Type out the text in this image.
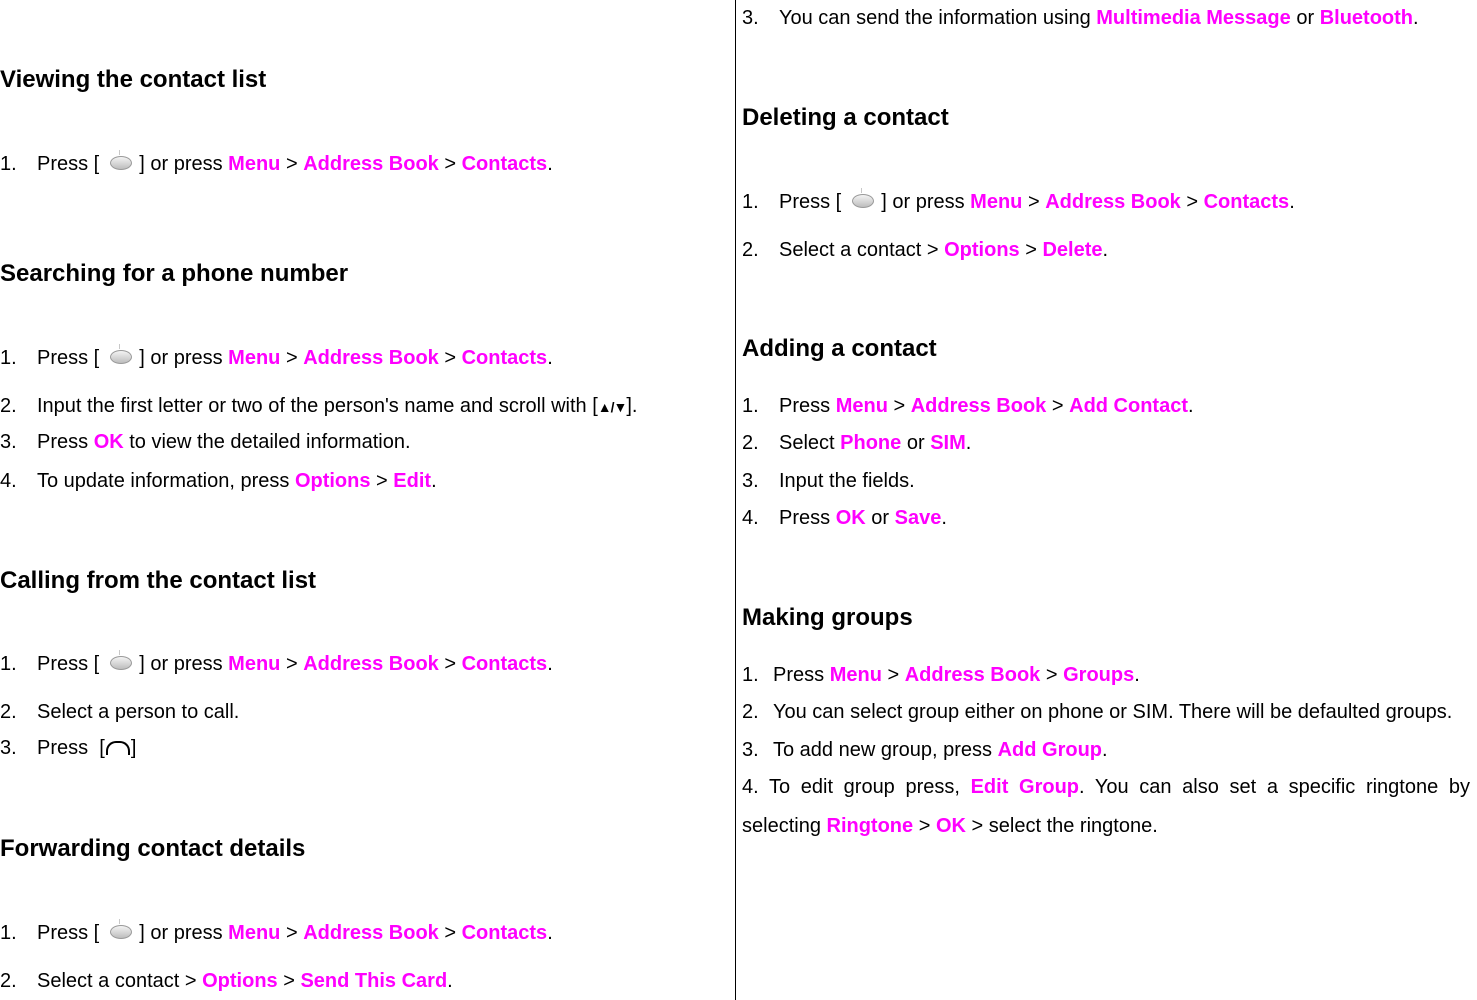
Viewing the contact list
1. Press [ ] or press Menu > Address Book > Contacts.
Searching for a phone number
1. Press [ ] or press Menu > Address Book > Contacts.
2. Input the first letter or two of the person's name and scroll with [▲/▼].
3. Press OK to view the detailed information.
4. To update information, press Options > Edit.
Calling from the contact list
1. Press [ ] or press Menu > Address Book > Contacts.
2. Select a person to call.
3. Press [ ]
Forwarding contact details
1. Press [ ] or press Menu > Address Book > Contacts.
2. Select a contact > Options > Send This Card.
3. You can send the information using Multimedia Message or Bluetooth.
Deleting a contact
1. Press [ ] or press Menu > Address Book > Contacts.
2. Select a contact > Options > Delete.
Adding a contact
1. Press Menu > Address Book > Add Contact.
2. Select Phone or SIM.
3. Input the fields.
4. Press OK or Save.
Making groups
1. Press Menu > Address Book > Groups.
2. You can select group either on phone or SIM. There will be defaulted groups.
3. To add new group, press Add Group.
4. To edit group press, Edit Group. You can also set a specific ringtone by
selecting Ringtone > OK > select the ringtone.
